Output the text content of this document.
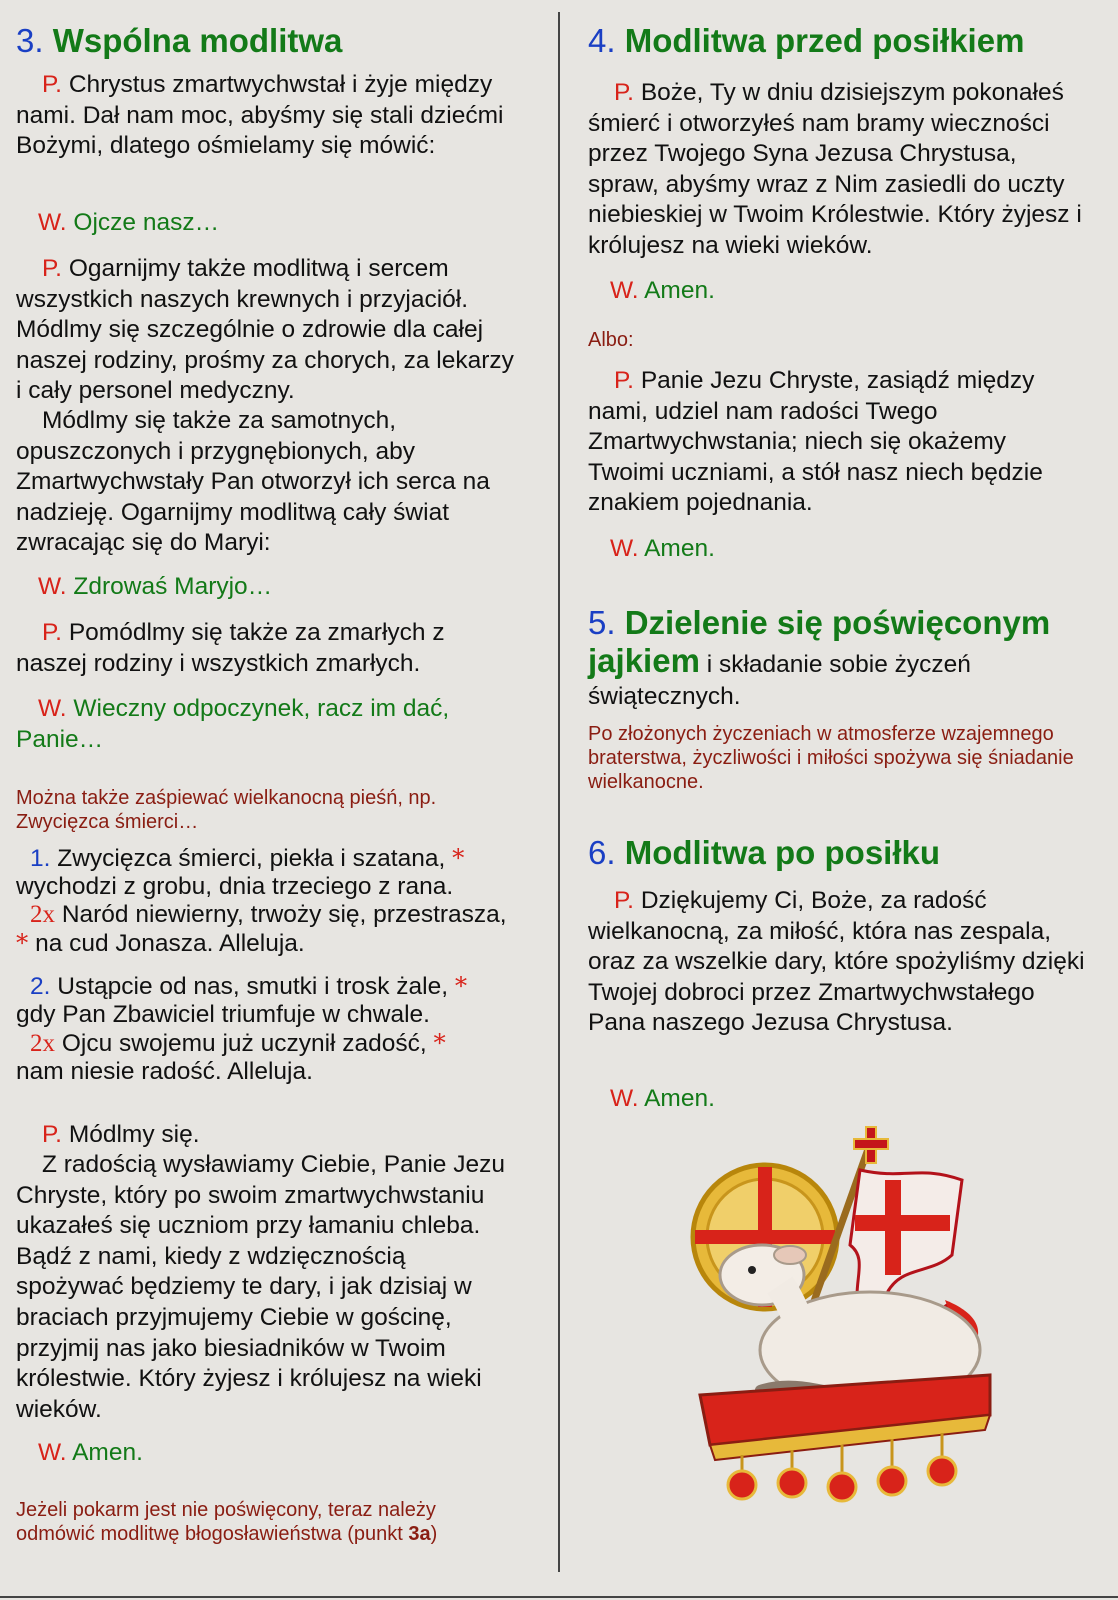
3. Wspólna modlitwa

P. Chrystus zmartwychwstał i żyje między nami. Dał nam moc, abyśmy się stali dziećmi Bożymi, dlatego ośmielamy się mówić:

W. Ojcze nasz…

P. Ogarnijmy także modlitwą i sercem wszystkich naszych krewnych i przyjaciół. Módlmy się szczególnie o zdrowie dla całej naszej rodziny, prośmy za chorych, za lekarzy i cały personel medyczny.

Módlmy się także za samotnych, opuszczonych i przygnębionych, aby Zmartwychwstały Pan otworzył ich serca na nadzieję. Ogarnijmy modlitwą cały świat zwracając się do Maryi:

W. Zdrowaś Maryjo…

P. Pomódlmy się także za zmarłych z naszej rodziny i wszystkich zmarłych.

W. Wieczny odpoczynek, racz im dać, Panie…

Można także zaśpiewać wielkanocną pieśń, np. Zwycięzca śmierci…

1. Zwycięzca śmierci, piekła i szatana, *
wychodzi z grobu, dnia trzeciego z rana.
2x Naród niewierny, trwoży się, przestrasza,
* na cud Jonasza. Alleluja.
2. Ustąpcie od nas, smutki i trosk żale, *
gdy Pan Zbawiciel triumfuje w chwale.
2x Ojcu swojemu już uczynił zadość, *
nam niesie radość. Alleluja.

P. Módlmy się.

Z radością wysławiamy Ciebie, Panie Jezu Chryste, który po swoim zmartwychwstaniu ukazałeś się uczniom przy łamaniu chleba. Bądź z nami, kiedy z wdzięcznością spożywać będziemy te dary, i jak dzisiaj w braciach przyjmujemy Ciebie w gościnę, przyjmij nas jako biesiadników w Twoim królestwie. Który żyjesz i królujesz na wieki wieków.

W. Amen.

Jeżeli pokarm jest nie poświęcony, teraz należy odmówić modlitwę błogosławieństwa (punkt 3a)

4. Modlitwa przed posiłkiem

P. Boże, Ty w dniu dzisiejszym pokonałeś śmierć i otworzyłeś nam bramy wieczności przez Twojego Syna Jezusa Chrystusa, spraw, abyśmy wraz z Nim zasiedli do uczty niebieskiej w Twoim Królestwie. Który żyjesz i królujesz na wieki wieków.

W. Amen.

Albo:

P. Panie Jezu Chryste, zasiądź między nami, udziel nam radości Twego Zmartwychwstania; niech się okażemy Twoimi uczniami, a stół nasz niech będzie znakiem pojednania.

W. Amen.

5. Dzielenie się poświęconym
jajkiem i składanie sobie życzeń świątecznych.

Po złożonych życzeniach w atmosferze wzajemnego braterstwa, życzliwości i miłości spożywa się śniadanie wielkanocne.

6. Modlitwa po posiłku

P. Dziękujemy Ci, Boże, za radość wielkanocną, za miłość, która nas zespala, oraz za wszelkie dary, które spożyliśmy dzięki Twojej dobroci przez Zmartwychwstałego Pana naszego Jezusa Chrystusa.

W. Amen.
